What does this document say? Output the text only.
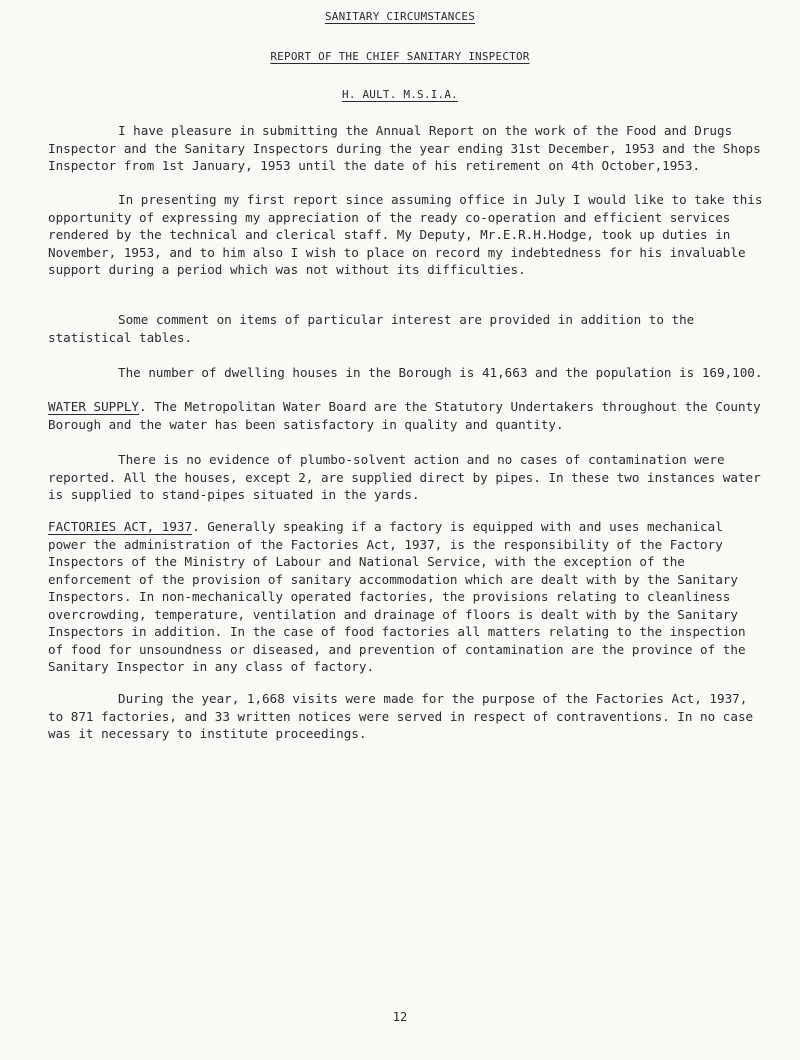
SANITARY CIRCUMSTANCES
REPORT OF THE CHIEF SANITARY INSPECTOR
H. AULT. M.S.I.A.

I have pleasure in submitting the Annual Report on the work of the Food and Drugs Inspector and the Sanitary Inspectors during the year ending 31st December, 1953 and the Shops Inspector from 1st January, 1953 until the date of his retirement on 4th October,1953.

In presenting my first report since assuming office in July I would like to take this opportunity of expressing my appreciation of the ready co-operation and efficient services rendered by the technical and clerical staff. My Deputy, Mr.E.R.H.Hodge, took up duties in November, 1953, and to him also I wish to place on record my indebtedness for his invaluable support during a period which was not without its difficulties.

Some comment on items of particular interest are provided in addition to the statistical tables.

The number of dwelling houses in the Borough is 41,663 and the population is 169,100.

WATER SUPPLY. The Metropolitan Water Board are the Statutory Undertakers throughout the County Borough and the water has been satisfactory in quality and quantity.

There is no evidence of plumbo-solvent action and no cases of contamination were reported. All the houses, except 2, are supplied direct by pipes. In these two instances water is supplied to stand-pipes situated in the yards.

FACTORIES ACT, 1937. Generally speaking if a factory is equipped with and uses mechanical power the administration of the Factories Act, 1937, is the responsibility of the Factory Inspectors of the Ministry of Labour and National Service, with the exception of the enforcement of the provision of sanitary accommodation which are dealt with by the Sanitary Inspectors. In non-mechanically operated factories, the provisions relating to cleanliness overcrowding, temperature, ventilation and drainage of floors is dealt with by the Sanitary Inspectors in addition. In the case of food factories all matters relating to the inspection of food for unsoundness or diseased, and prevention of contamination are the province of the Sanitary Inspector in any class of factory.

During the year, 1,668 visits were made for the purpose of the Factories Act, 1937, to 871 factories, and 33 written notices were served in respect of contraventions. In no case was it necessary to institute proceedings.

12
